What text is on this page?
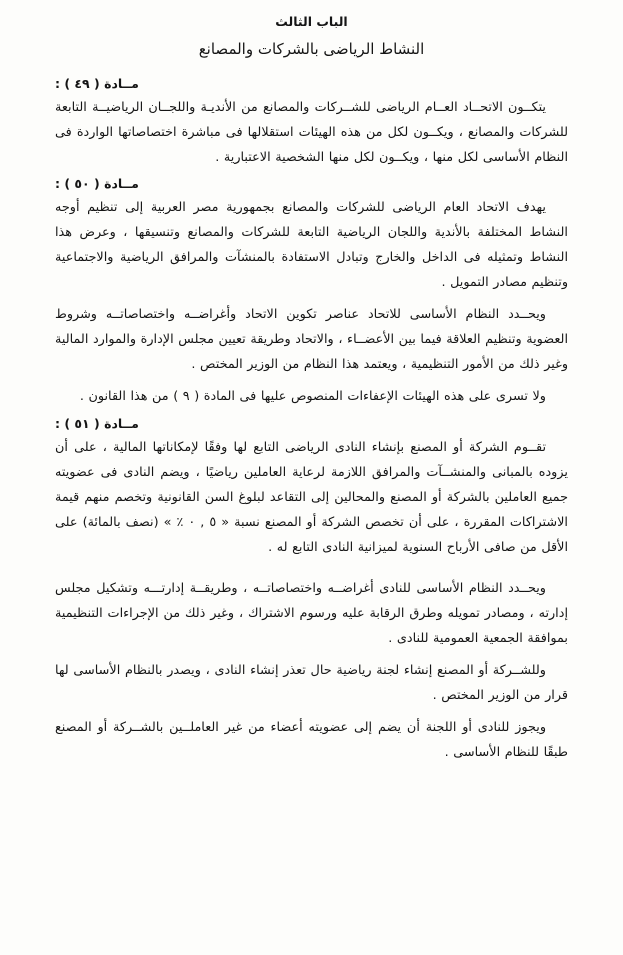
الباب الثالث
النشاط الرياضى بالشركات والمصانع
مــادة ( ٤٩ ) :

يتكــون الاتحــاد العــام الرياضى للشــركات والمصانع من الأنديـة واللجــان الرياضيــة التابعة للشركات والمصانع ، ويكــون لكل من هذه الهيئات استقلالها فى مباشرة اختصاصاتها الواردة فى النظام الأساسى لكل منها ، ويكــون لكل منها الشخصية الاعتبارية .

مــادة ( ٥٠ ) :

يهدف الاتحاد العام الرياضى للشركات والمصانع بجمهورية مصر العربية إلى تنظيم أوجه النشاط المختلفة بالأندية واللجان الرياضية التابعة للشركات والمصانع وتنسيقها ، وعرض هذا النشاط وتمثيله فى الداخل والخارج وتبادل الاستفادة بالمنشآت والمرافق الرياضية والاجتماعية وتنظيم مصادر التمويل .

ويحــدد النظام الأساسى للاتحاد عناصر تكوين الاتحاد وأغراضــه واختصاصاتــه وشروط العضوية وتنظيم العلاقة فيما بين الأعضــاء ، والاتحاد وطريقة تعيين مجلس الإدارة والموارد المالية وغير ذلك من الأمور التنظيمية ، ويعتمد هذا النظام من الوزير المختص .

ولا تسرى على هذه الهيئات الإعفاءات المنصوص عليها فى المادة ( ٩ ) من هذا القانون .

مــادة ( ٥١ ) :

تقــوم الشركة أو المصنع بإنشاء النادى الرياضى التابع لها وفقًا لإمكاناتها المالية ، على أن يزوده بالمبانى والمنشــآت والمرافق اللازمة لرعاية العاملين رياضيًا ، ويضم النادى فى عضويته جميع العاملين بالشركة أو المصنع والمحالين إلى التقاعد لبلوغ السن القانونية وتخصم منهم قيمة الاشتراكات المقررة ، على أن تخصص الشركة أو المصنع نسبة « ٥ , ٠ ٪ » (نصف بالمائة) على الأقل من صافى الأرباح السنوية لميزانية النادى التابع له .

ويحــدد النظام الأساسى للنادى أغراضــه واختصاصاتــه ، وطريقــة إدارتـــه وتشكيل مجلس إدارته ، ومصادر تمويله وطرق الرقابة عليه ورسوم الاشتراك ، وغير ذلك من الإجراءات التنظيمية بموافقة الجمعية العمومية للنادى .

وللشــركة أو المصنع إنشاء لجنة رياضية حال تعذر إنشاء النادى ، ويصدر بالنظام الأساسى لها قرار من الوزير المختص .

ويجوز للنادى أو اللجنة أن يضم إلى عضويته أعضاء من غير العاملــين بالشــركة أو المصنع طبقًا للنظام الأساسى .
